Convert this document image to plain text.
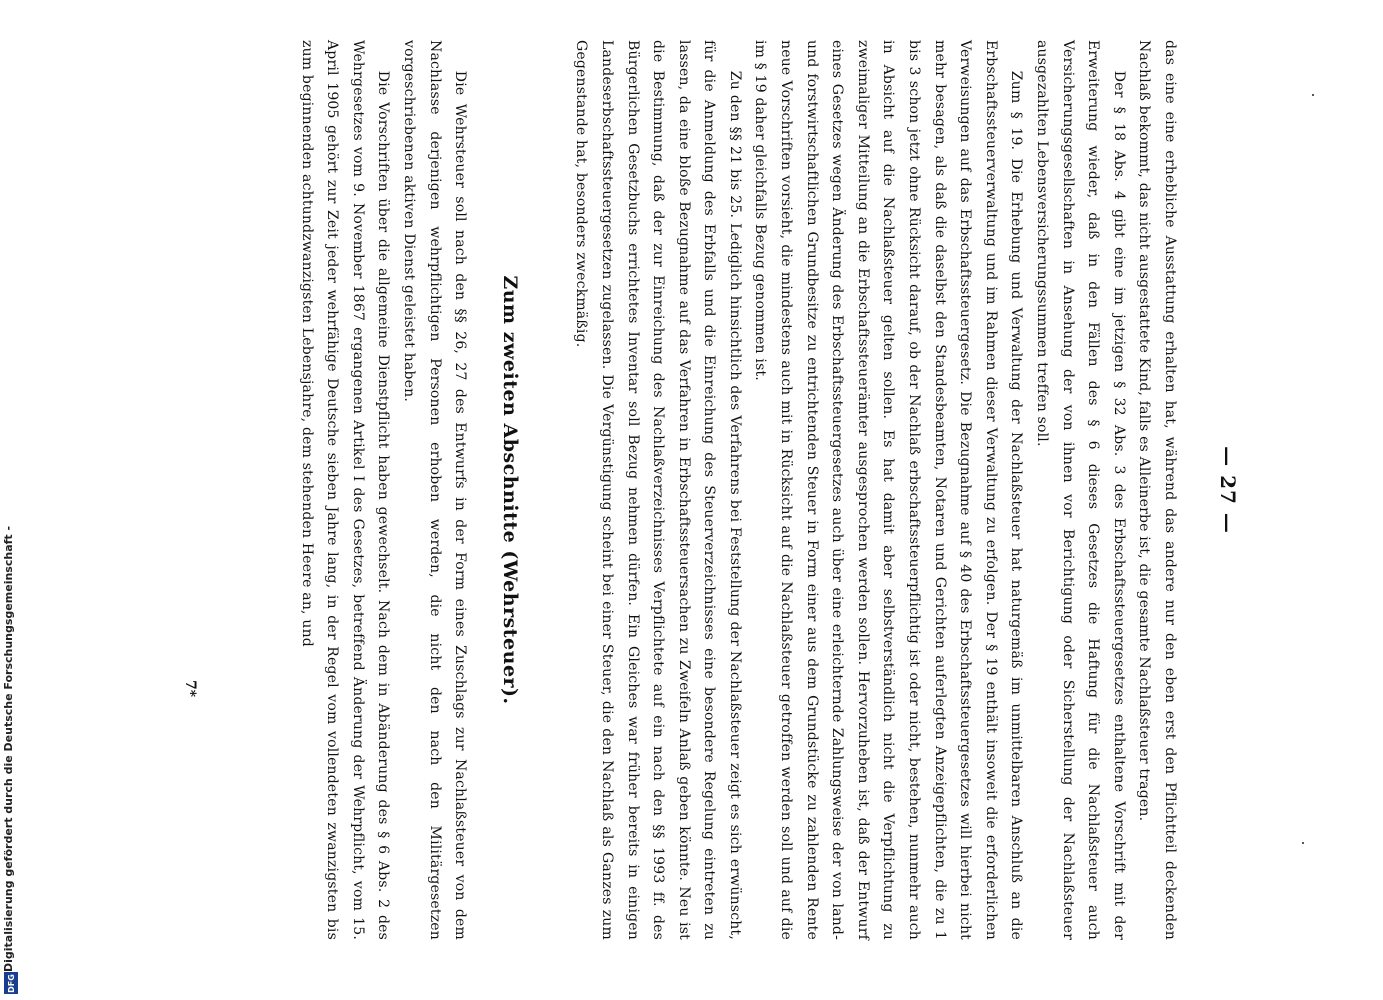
— 27 —

das eine eine erhebliche Ausstattung erhalten hat, während das andere nur den eben erst den Pflichtteil deckenden Nachlaß bekommt, das nicht ausgestattete Kind, falls es Alleinerbe ist, die gesamte Nachlaßsteuer tragen.

Der § 18 Abs. 4 gibt eine im jetzigen § 32 Abs. 3 des Erbschaftssteuergesetzes enthaltene Vorschrift mit der Erweiterung wieder, daß in den Fällen des § 6 dieses Gesetzes die Haftung für die Nachlaßsteuer auch Versicherungsgesellschaften in Ansehung der von ihnen vor Berichtigung oder Sicherstellung der Nachlaßsteuer ausgezahlten Lebensversicherungssummen treffen soll.

Zum § 19. Die Erhebung und Verwaltung der Nachlaßsteuer hat naturgemäß im unmittelbaren Anschluß an die Erbschaftssteuerverwaltung und im Rahmen dieser Verwaltung zu erfolgen. Der § 19 enthält insoweit die erforderlichen Verweisungen auf das Erbschaftssteuergesetz. Die Bezugnahme auf § 40 des Erbschaftssteuergesetzes will hierbei nicht mehr besagen, als daß die daselbst den Standesbeamten, Notaren und Gerichten auferlegten Anzeigepflichten, die zu 1 bis 3 schon jetzt ohne Rücksicht darauf, ob der Nachlaß erbschaftssteuerpflichtig ist oder nicht, bestehen, nunmehr auch in Absicht auf die Nachlaßsteuer gelten sollen. Es hat damit aber selbstverständlich nicht die Verpflichtung zu zweimaliger Mitteilung an die Erbschaftssteuerämter ausgesprochen werden sollen. Hervorzuheben ist, daß der Entwurf eines Gesetzes wegen Änderung des Erbschaftssteuergesetzes auch über eine erleichternde Zahlungsweise der von land- und forstwirtschaftlichen Grundbesitze zu entrichtenden Steuer in Form einer aus dem Grundstücke zu zahlenden Rente neue Vorschriften vorsieht, die mindestens auch mit in Rücksicht auf die Nachlaßsteuer getroffen werden soll und auf die im § 19 daher gleichfalls Bezug genommen ist.

Zu den §§ 21 bis 25. Lediglich hinsichtlich des Verfahrens bei Feststellung der Nachlaßsteuer zeigt es sich erwünscht, für die Anmeldung des Erbfalls und die Einreichung des Steuerverzeichnisses eine besondere Regelung eintreten zu lassen, da eine bloße Bezugnahme auf das Verfahren in Erbschaftssteuersachen zu Zweifeln Anlaß geben könnte. Neu ist die Bestimmung, daß der zur Einreichung des Nachlaßverzeichnisses Verpflichtete auf ein nach den §§ 1993 ff. des Bürgerlichen Gesetzbuchs errichtetes Inventar soll Bezug nehmen dürfen. Ein Gleiches war früher bereits in einigen Landeserbschaftssteuergesetzen zugelassen. Die Vergünstigung scheint bei einer Steuer, die den Nachlaß als Ganzes zum Gegenstande hat, besonders zweckmäßig.

Zum zweiten Abschnitte (Wehrsteuer).

Die Wehrsteuer soll nach den §§ 26, 27 des Entwurfs in der Form eines Zuschlags zur Nachlaßsteuer von dem Nachlasse derjenigen wehrpflichtigen Personen erhoben werden, die nicht den nach den Militärgesetzen vorgeschriebenen aktiven Dienst geleistet haben.

Die Vorschriften über die allgemeine Dienstpflicht haben gewechselt. Nach dem in Abänderung des § 6 Abs. 2 des Wehrgesetzes vom 9. November 1867 ergangenen Artikel I des Gesetzes, betreffend Änderung der Wehrpflicht, vom 15. April 1905 gehört zur Zeit jeder wehrfähige Deutsche sieben Jahre lang, in der Regel vom vollendeten zwanzigsten bis zum beginnenden achtundzwanzigsten Lebensjahre, dem stehenden Heere an, und

7*
Digitalisierung gefördert durch die Deutsche Forschungsgemeinschaft -
DFG
